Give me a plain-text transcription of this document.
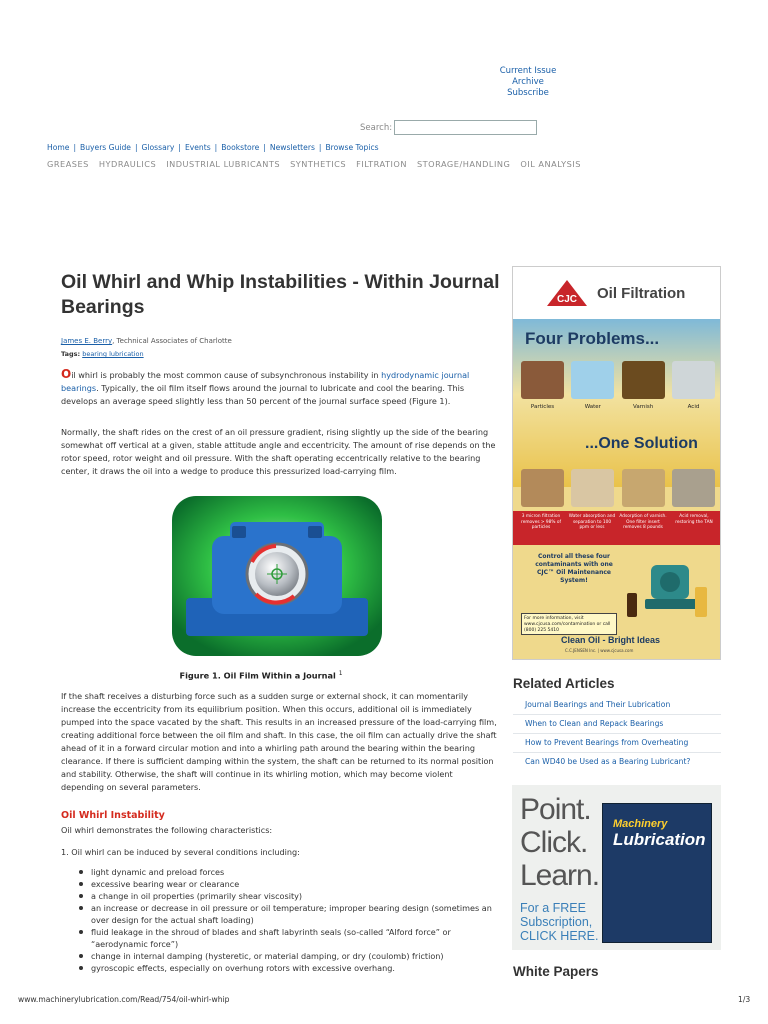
Current Issue
Archive
Subscribe
Search:
Home | Buyers Guide | Glossary | Events | Bookstore | Newsletters | Browse Topics
GREASES HYDRAULICS INDUSTRIAL LUBRICANTS SYNTHETICS FILTRATION STORAGE/HANDLING OIL ANALYSIS
Oil Whirl and Whip Instabilities - Within Journal Bearings
James E. Berry, Technical Associates of Charlotte
Tags: bearing lubrication

Oil whirl is probably the most common cause of subsynchronous instability in hydrodynamic journal bearings. Typically, the oil film itself flows around the journal to lubricate and cool the bearing. This develops an average speed slightly less than 50 percent of the journal surface speed (Figure 1).

Normally, the shaft rides on the crest of an oil pressure gradient, rising slightly up the side of the bearing somewhat off vertical at a given, stable attitude angle and eccentricity. The amount of rise depends on the rotor speed, rotor weight and oil pressure. With the shaft operating eccentrically relative to the bearing center, it draws the oil into a wedge to produce this pressurized load-carrying film.

Figure 1. Oil Film Within a Journal $^1$

If the shaft receives a disturbing force such as a sudden surge or external shock, it can momentarily increase the eccentricity from its equilibrium position. When this occurs, additional oil is immediately pumped into the space vacated by the shaft. This results in an increased pressure of the load-carrying film, creating additional force between the oil film and shaft. In this case, the oil film can actually drive the shaft ahead of it in a forward circular motion and into a whirling path around the bearing within the bearing clearance. If there is sufficient damping within the system, the shaft can be returned to its normal position and stability. Otherwise, the shaft will continue in its whirling motion, which may become violent depending on several parameters.

Oil Whirl Instability

Oil whirl demonstrates the following characteristics:

1. Oil whirl can be induced by several conditions including:

light dynamic and preload forces
excessive bearing wear or clearance
a change in oil properties (primarily shear viscosity)
an increase or decrease in oil pressure or oil temperature; improper bearing design (sometimes an over design for the actual shaft loading)
fluid leakage in the shroud of blades and shaft labyrinth seals (so-called “Alford force” or “aerodynamic force”)
change in internal damping (hysteretic, or material damping, or dry (coulomb) friction)
gyroscopic effects, especially on overhung rotors with excessive overhang.
CJC Oil Filtration
Four Problems...
Particles	Water	Varnish	Acid
...One Solution
3 micron filtration removes > 98% of particles
Water absorption and separation to 100 ppm or less
Adsorption of varnish. One filter insert removes 8 pounds
Acid removal, restoring the TAN
Control all these four contaminants with one CJC™ Oil Maintenance System!
For more information, visit www.cjcusa.com/contamination or call (800) 225 5410
Clean Oil - Bright Ideas
C.C.JENSEN Inc. | www.cjcusa.com
Related Articles
Journal Bearings and Their Lubrication
When to Clean and Repack Bearings
How to Prevent Bearings from Overheating
Can WD40 be Used as a Bearing Lubricant?
Point.
Click.
Learn.
For a FREE Subscription, CLICK HERE.
Machinery
Lubrication
White Papers
www.machinerylubrication.com/Read/754/oil-whirl-whip	1/3
